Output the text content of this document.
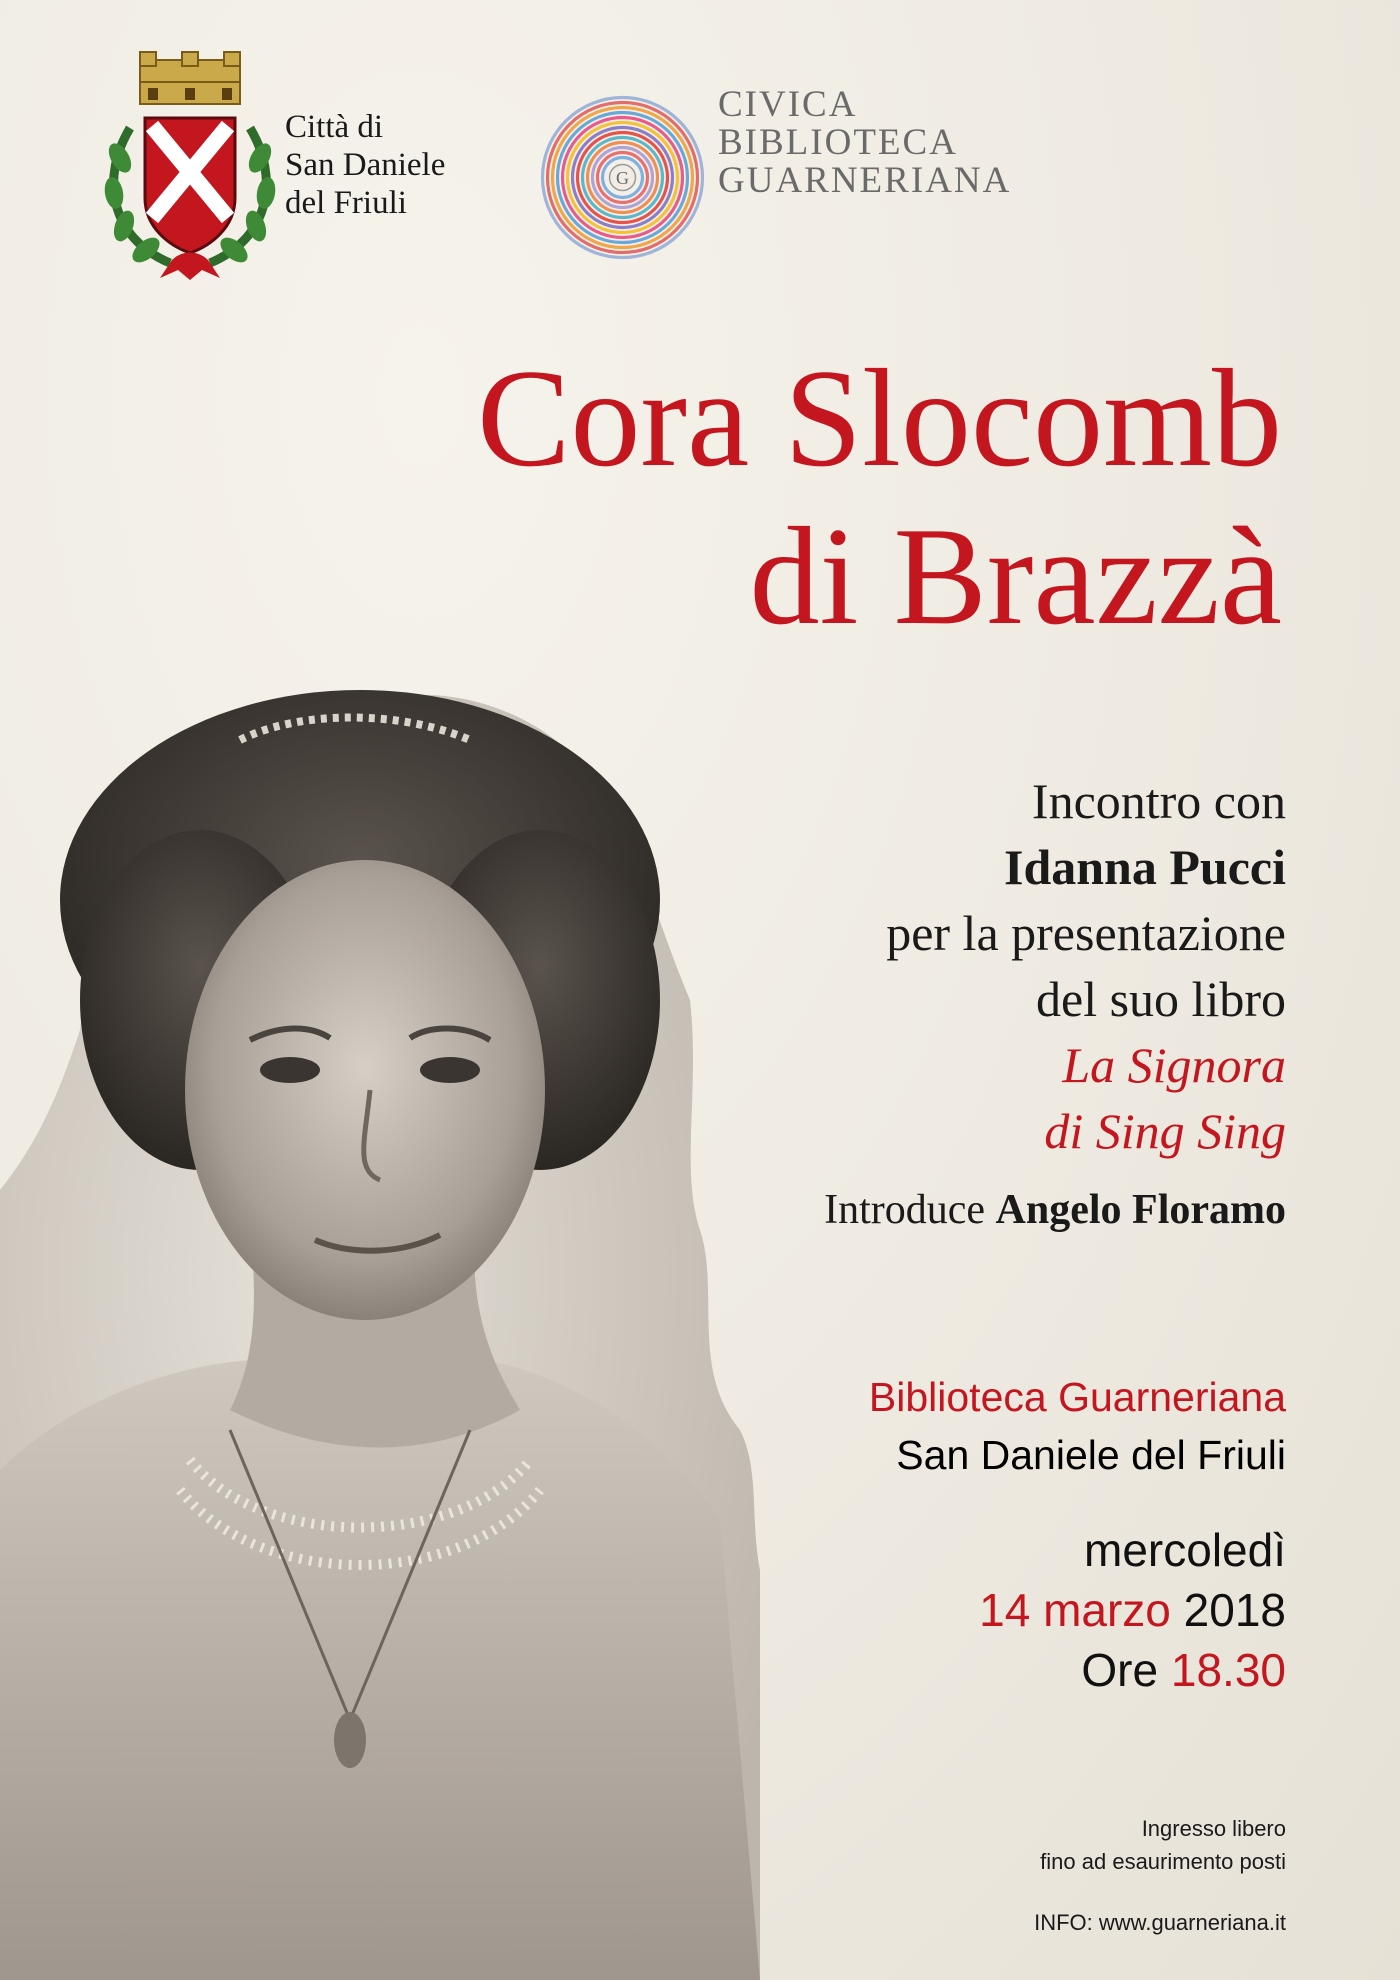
Città di
San Daniele
del Friuli
G
CIVICA
BIBLIOTECA
GUARNERIANA
Cora Slocomb
di Brazzà
Incontro con
Idanna Pucci
per la presentazione
del suo libro
La Signora
di Sing Sing
Introduce Angelo Floramo
Biblioteca Guarneriana
San Daniele del Friuli
mercoledì
14 marzo 2018
Ore 18.30
Ingresso libero
fino ad esaurimento posti
INFO: www.guarneriana.it
